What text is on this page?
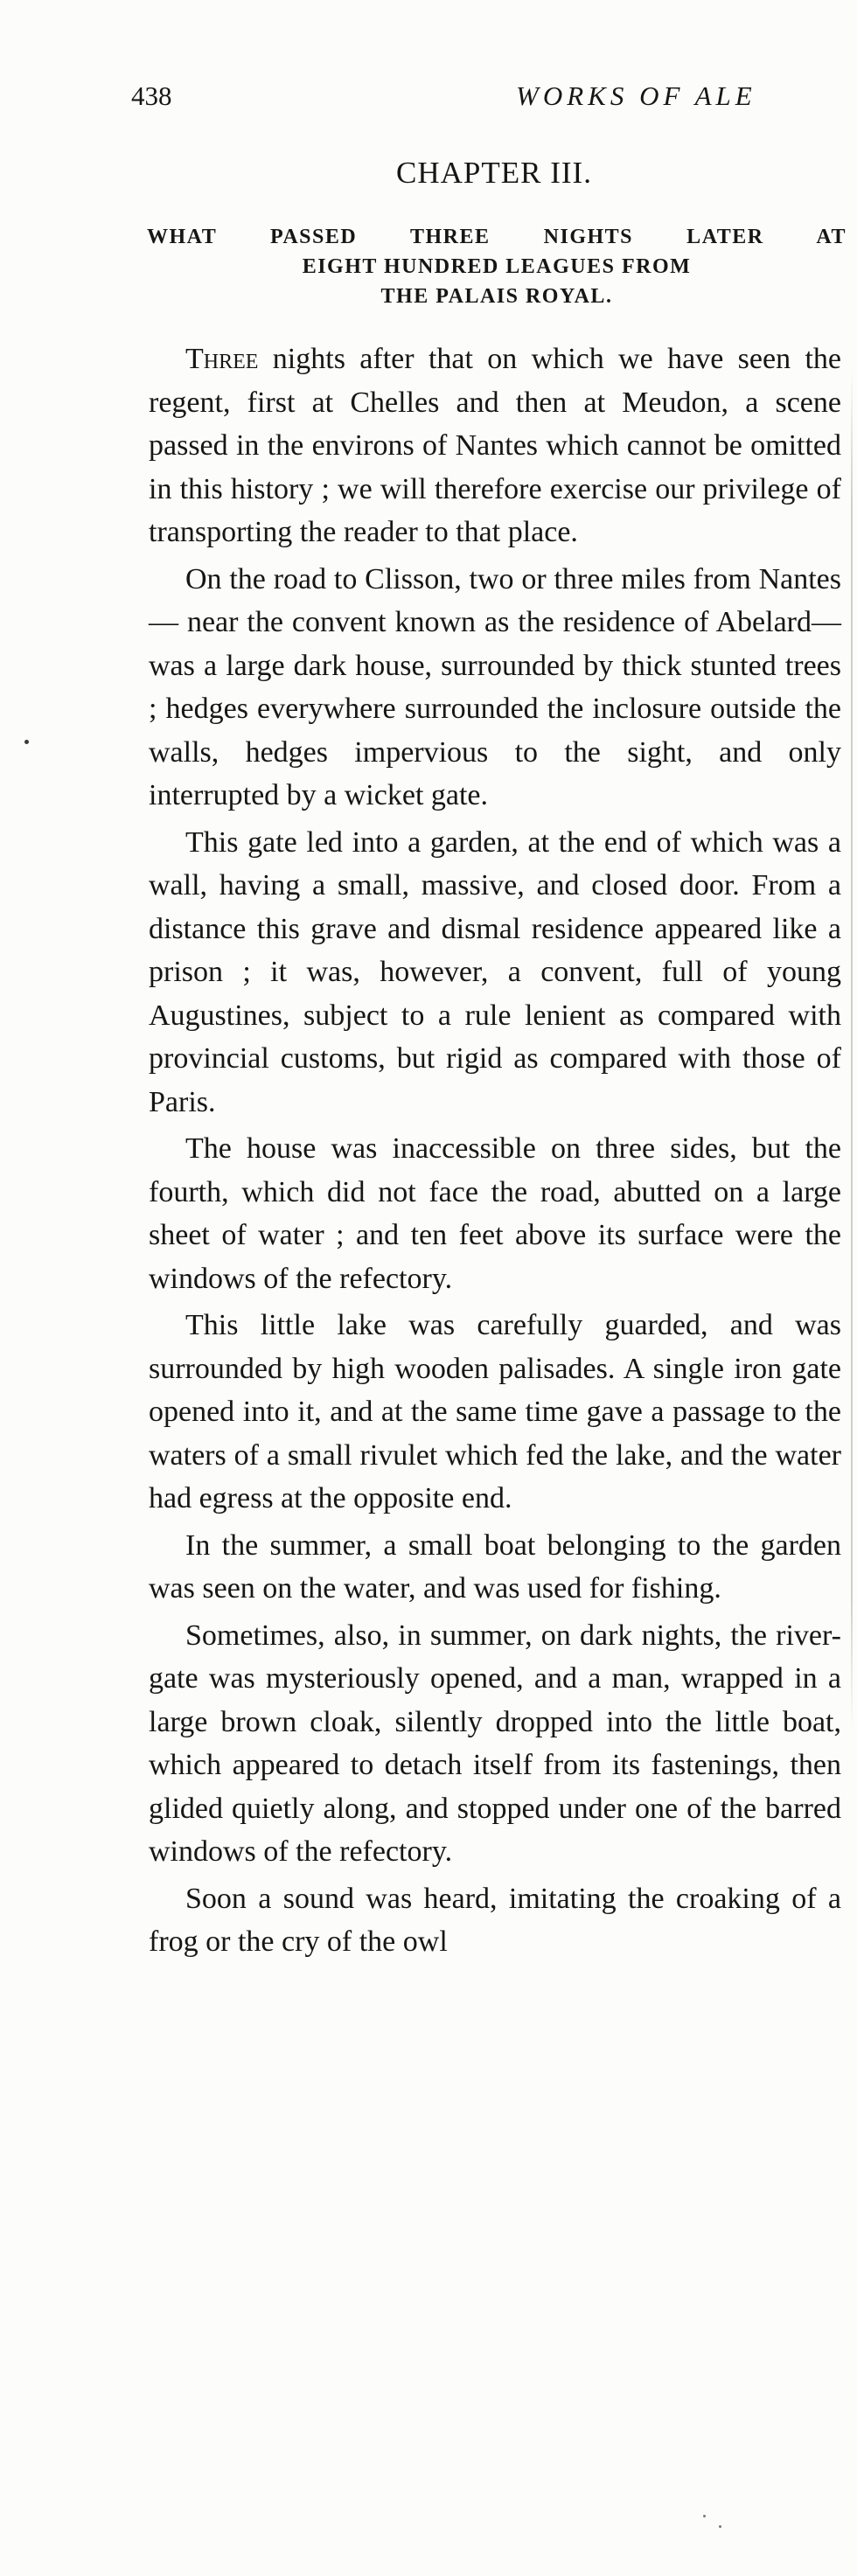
438	WORKS OF ALE
CHAPTER III.
WHAT PASSED THREE NIGHTS LATER AT
EIGHT HUNDRED LEAGUES FROM
THE PALAIS ROYAL.

Three nights after that on which we have seen the regent, first at Chelles and then at Meudon, a scene passed in the environs of Nantes which cannot be omitted in this history ; we will therefore exercise our privilege of transporting the reader to that place.

On the road to Clisson, two or three miles from Nantes — near the convent known as the residence of Abelard—was a large dark house, surrounded by thick stunted trees ; hedges everywhere surrounded the inclosure outside the walls, hedges impervious to the sight, and only interrupted by a wicket gate.

This gate led into a garden, at the end of which was a wall, having a small, massive, and closed door. From a distance this grave and dismal residence appeared like a prison ; it was, however, a convent, full of young Augustines, subject to a rule lenient as compared with provincial customs, but rigid as compared with those of Paris.

The house was inaccessible on three sides, but the fourth, which did not face the road, abutted on a large sheet of water ; and ten feet above its surface were the windows of the refectory.

This little lake was carefully guarded, and was surrounded by high wooden palisades. A single iron gate opened into it, and at the same time gave a passage to the waters of a small rivulet which fed the lake, and the water had egress at the opposite end.

In the summer, a small boat belonging to the garden was seen on the water, and was used for fishing.

Sometimes, also, in summer, on dark nights, the river-gate was mysteriously opened, and a man, wrapped in a large brown cloak, silently dropped into the little boat, which appeared to detach itself from its fastenings, then glided quietly along, and stopped under one of the barred windows of the refectory.

Soon a sound was heard, imitating the croaking of a frog or the cry of the owl
